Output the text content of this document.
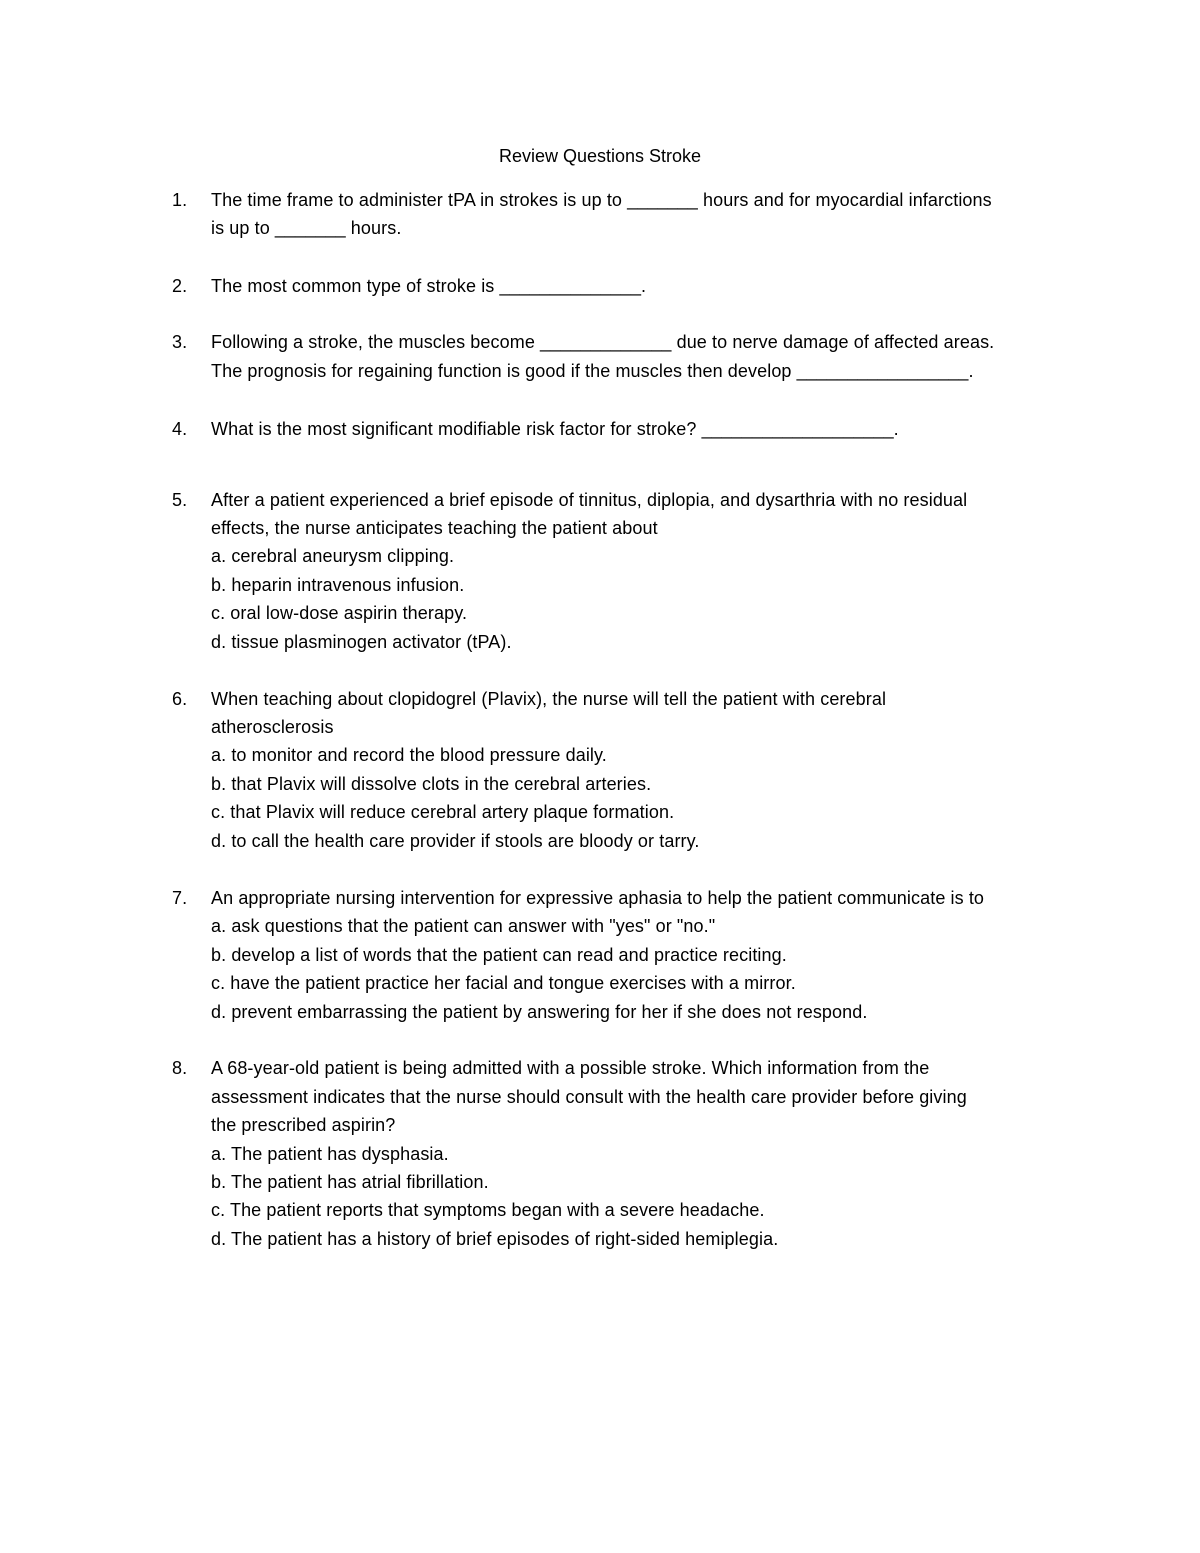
Review Questions Stroke
1. The time frame to administer tPA in strokes is up to _______ hours and for myocardial infarctions
is up to _______ hours.
2. The most common type of stroke is ______________.
3. Following a stroke, the muscles become _____________ due to nerve damage of affected areas.
The prognosis for regaining function is good if the muscles then develop _________________.
4. What is the most significant modifiable risk factor for stroke? ___________________.
5. After a patient experienced a brief episode of tinnitus, diplopia, and dysarthria with no residual
effects, the nurse anticipates teaching the patient about
a. cerebral aneurysm clipping.
b. heparin intravenous infusion.
c. oral low-dose aspirin therapy.
d. tissue plasminogen activator (tPA).
6. When teaching about clopidogrel (Plavix), the nurse will tell the patient with cerebral
atherosclerosis
a. to monitor and record the blood pressure daily.
b. that Plavix will dissolve clots in the cerebral arteries.
c. that Plavix will reduce cerebral artery plaque formation.
d. to call the health care provider if stools are bloody or tarry.
7. An appropriate nursing intervention for expressive aphasia to help the patient communicate is to
a. ask questions that the patient can answer with "yes" or "no."
b. develop a list of words that the patient can read and practice reciting.
c. have the patient practice her facial and tongue exercises with a mirror.
d. prevent embarrassing the patient by answering for her if she does not respond.
8. A 68-year-old patient is being admitted with a possible stroke. Which information from the
assessment indicates that the nurse should consult with the health care provider before giving
the prescribed aspirin?
a. The patient has dysphasia.
b. The patient has atrial fibrillation.
c. The patient reports that symptoms began with a severe headache.
d. The patient has a history of brief episodes of right-sided hemiplegia.
